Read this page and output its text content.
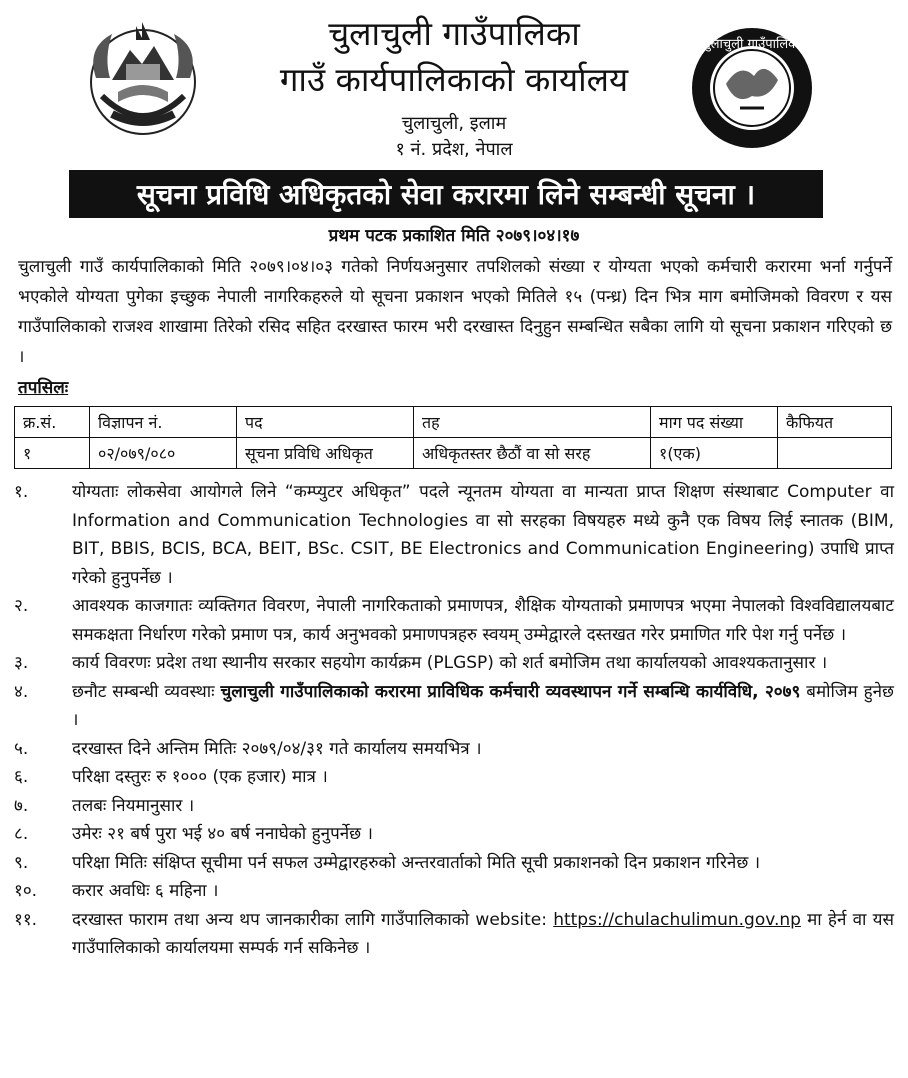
चुलाचुली गाउँपालिका
चुलाचुली गाउँपालिका
गाउँ कार्यपालिकाको कार्यालय
चुलाचुली, इलाम
१ नं. प्रदेश, नेपाल
सूचना प्रविधि अधिकृतको सेवा करारमा लिने सम्बन्धी सूचना ।
प्रथम पटक प्रकाशित मिति २०७९।०४।१७
चुलाचुली गाउँ कार्यपालिकाको मिति २०७९।०४।०३ गतेको निर्णयअनुसार तपशिलको संख्या र योग्यता भएको कर्मचारी करारमा भर्ना गर्नुपर्ने भएकोले योग्यता पुगेका इच्छुक नेपाली नागरिकहरुले यो सूचना प्रकाशन भएको मितिले १५ (पन्ध्र) दिन भित्र माग बमोजिमको विवरण र यस गाउँपालिकाको राजश्व शाखामा तिरेको रसिद सहित दरखास्त फारम भरी दरखास्त दिनुहुन सम्बन्धित सबैका लागि यो सूचना प्रकाशन गरिएको छ ।
तपसिलः
क्र.सं.	विज्ञापन नं.	पद	तह	माग पद संख्या	कैफियत
१	०२/०७९/०८०	सूचना प्रविधि अधिकृत	अधिकृतस्तर छैठौं वा सो सरह	१(एक)	
१.	योग्यताः लोकसेवा आयोगले लिने “कम्प्युटर अधिकृत” पदले न्यूनतम योग्यता वा मान्यता प्राप्त शिक्षण संस्थाबाट Computer वा Information and Communication Technologies वा सो सरहका विषयहरु मध्ये कुनै एक विषय लिई स्नातक (BIM, BIT, BBIS, BCIS, BCA, BEIT, BSc. CSIT, BE Electronics and Communication Engineering) उपाधि प्राप्त गरेको हुनुपर्नेछ ।
२.	आवश्यक काजगातः व्यक्तिगत विवरण, नेपाली नागरिकताको प्रमाणपत्र, शैक्षिक योग्यताको प्रमाणपत्र भएमा नेपालको विश्वविद्यालयबाट समकक्षता निर्धारण गरेको प्रमाण पत्र, कार्य अनुभवको प्रमाणपत्रहरु स्वयम् उम्मेद्वारले दस्तखत गरेर प्रमाणित गरि पेश गर्नु पर्नेछ ।
३.	कार्य विवरणः प्रदेश तथा स्थानीय सरकार सहयोग कार्यक्रम (PLGSP) को शर्त बमोजिम तथा कार्यालयको आवश्यकतानुसार ।
४.	छनौट सम्बन्धी व्यवस्थाः चुलाचुली गाउँपालिकाको करारमा प्राविधिक कर्मचारी व्यवस्थापन गर्ने सम्बन्धि कार्यविधि, २०७९ बमोजिम हुनेछ ।
५.	दरखास्त दिने अन्तिम मितिः २०७९/०४/३१ गते कार्यालय समयभित्र ।
६.	परिक्षा दस्तुरः रु १००० (एक हजार) मात्र ।
७.	तलबः नियमानुसार ।
८.	उमेरः २१ बर्ष पुरा भई ४० बर्ष ननाघेको हुनुपर्नेछ ।
९.	परिक्षा मितिः संक्षिप्त सूचीमा पर्न सफल उम्मेद्वारहरुको अन्तरवार्ताको मिति सूची प्रकाशनको दिन प्रकाशन गरिनेछ ।
१०.	करार अवधिः ६ महिना ।
११.	दरखास्त फाराम तथा अन्य थप जानकारीका लागि गाउँपालिकाको website: https://chulachulimun.gov.np मा हेर्न वा यस गाउँपालिकाको कार्यालयमा सम्पर्क गर्न सकिनेछ ।
